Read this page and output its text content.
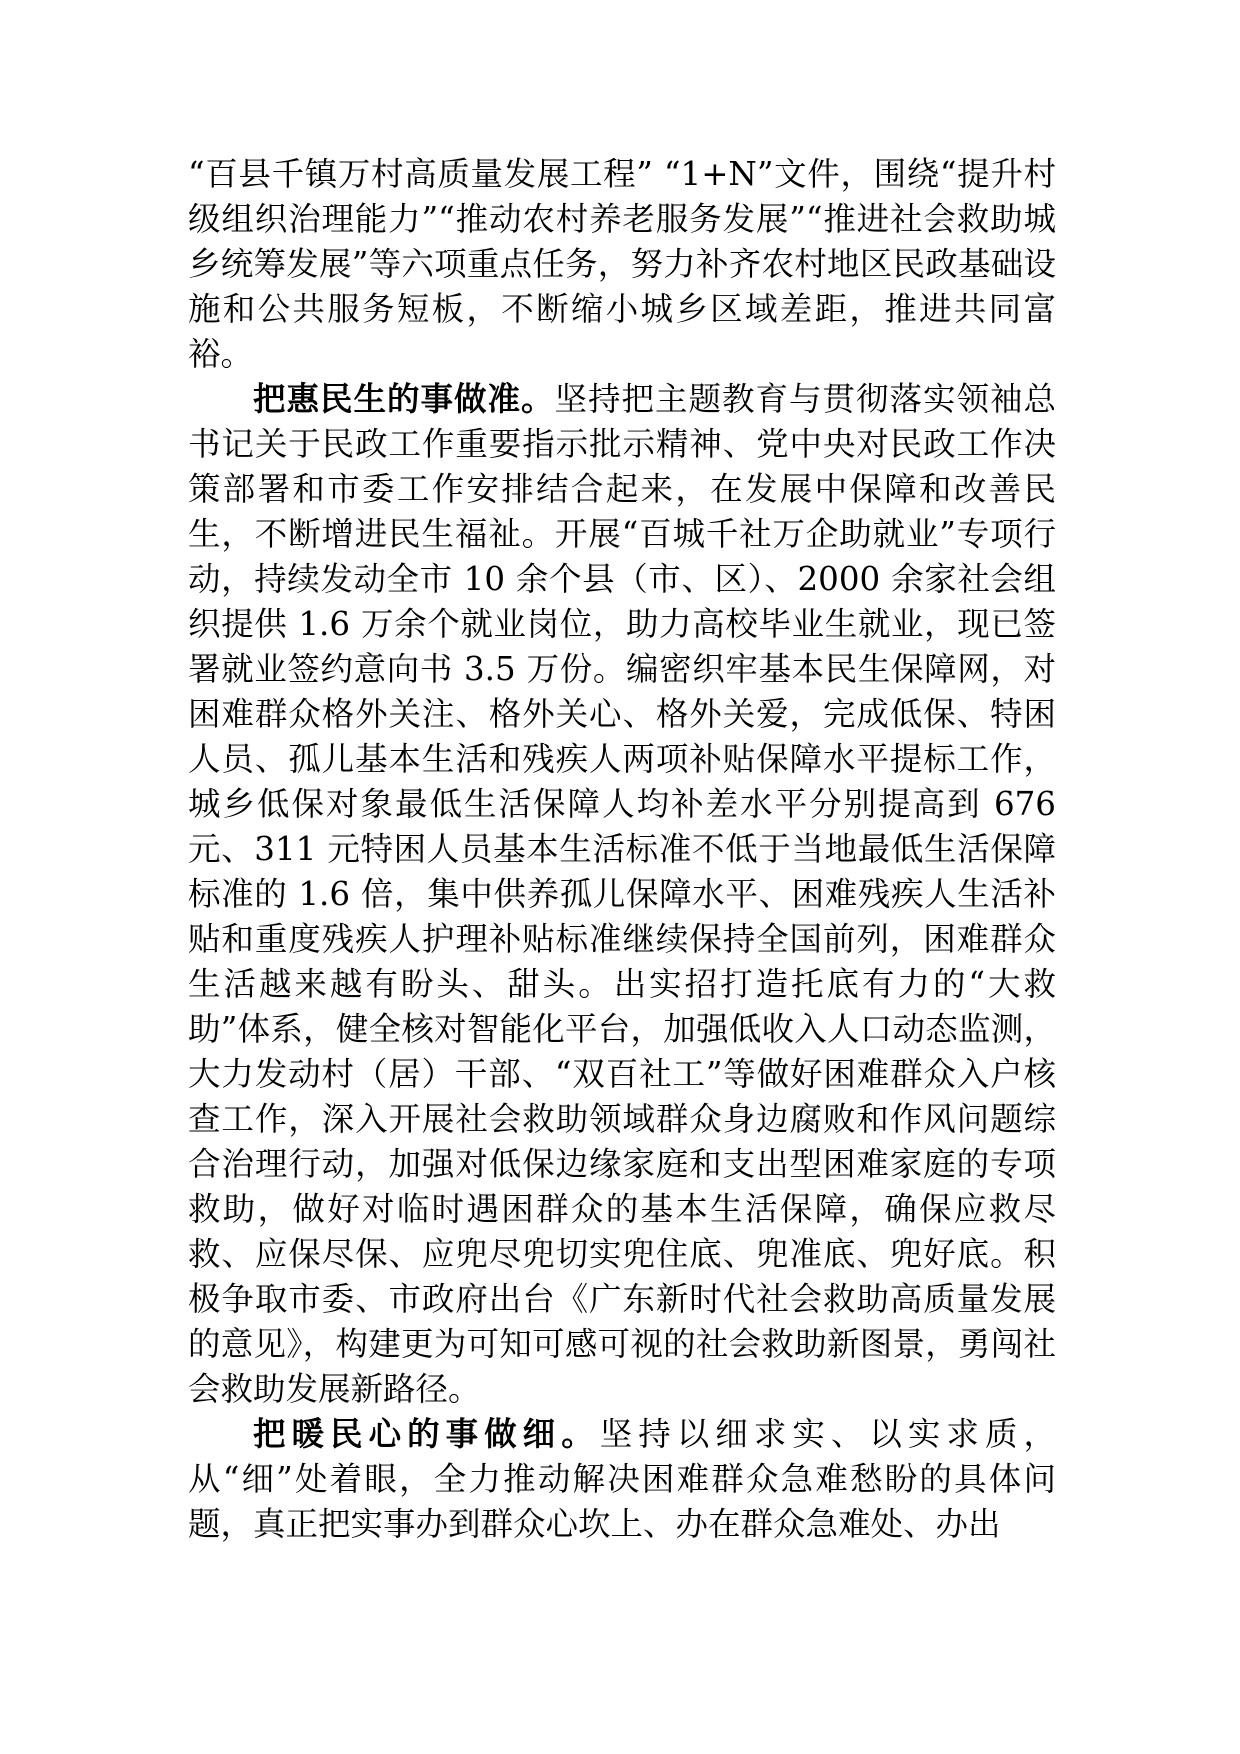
“百县千镇万村高质量发展工程” “1+N”文件，围绕“提升村级组织治理能力”“推动农村养老服务发展”“推进社会救助城乡统筹发展”等六项重点任务，努力补齐农村地区民政基础设施和公共服务短板，不断缩小城乡区域差距，推进共同富裕。

把惠民生的事做准。坚持把主题教育与贯彻落实领袖总书记关于民政工作重要指示批示精神、党中央对民政工作决策部署和市委工作安排结合起来，在发展中保障和改善民生，不断增进民生福祉。开展“百城千社万企助就业”专项行动，持续发动全市 10 余个县（市、区）、2000 余家社会组织提供 1.6 万余个就业岗位，助力高校毕业生就业，现已签署就业签约意向书 3.5 万份。编密织牢基本民生保障网，对困难群众格外关注、格外关心、格外关爱，完成低保、特困人员、孤儿基本生活和残疾人两项补贴保障水平提标工作，城乡低保对象最低生活保障人均补差水平分别提高到 676 元、311 元特困人员基本生活标准不低于当地最低生活保障标准的 1.6 倍，集中供养孤儿保障水平、困难残疾人生活补贴和重度残疾人护理补贴标准继续保持全国前列，困难群众生活越来越有盼头、甜头。出实招打造托底有力的“大救助”体系，健全核对智能化平台，加强低收入人口动态监测，大力发动村（居）干部、“双百社工”等做好困难群众入户核查工作，深入开展社会救助领域群众身边腐败和作风问题综合治理行动，加强对低保边缘家庭和支出型困难家庭的专项救助，做好对临时遇困群众的基本生活保障，确保应救尽救、应保尽保、应兜尽兜切实兜住底、兜准底、兜好底。积极争取市委、市政府出台《广东新时代社会救助高质量发展的意见》，构建更为可知可感可视的社会救助新图景，勇闯社会救助发展新路径。

把暖民心的事做细。坚持以细求实、以实求质，从“细”处着眼，全力推动解决困难群众急难愁盼的具体问题，真正把实事办到群众心坎上、办在群众急难处、办出
